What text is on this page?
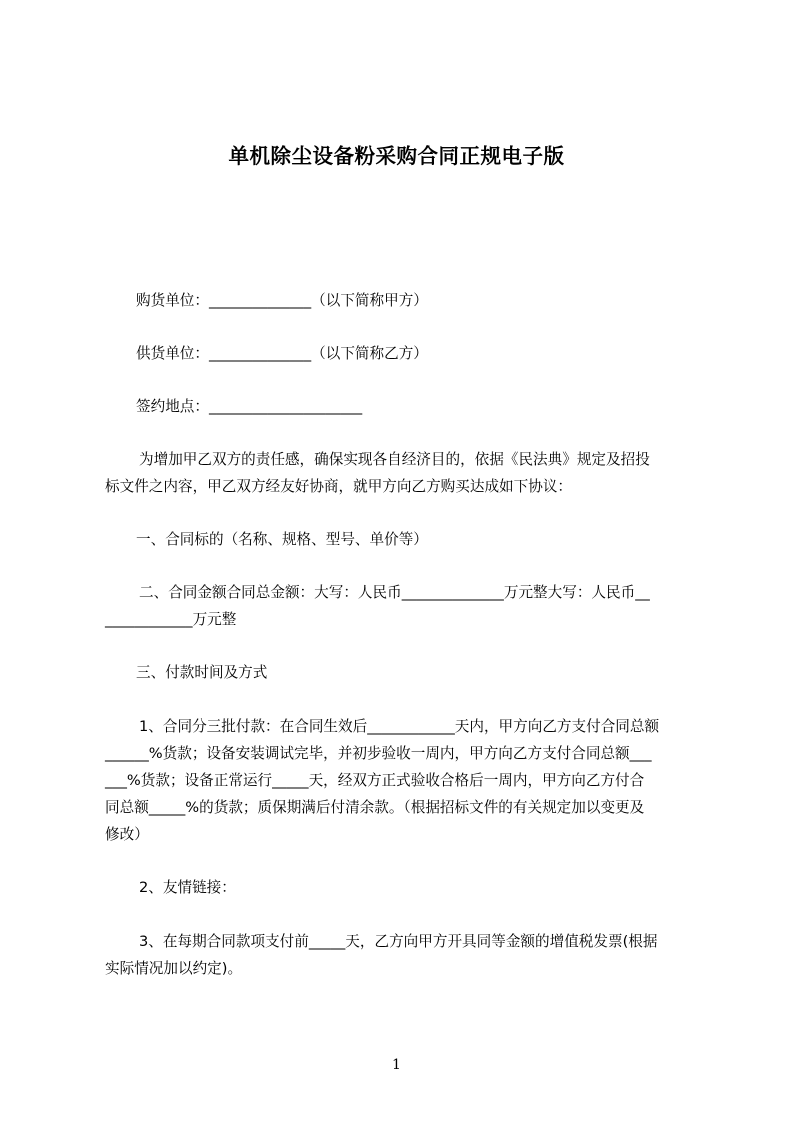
单机除尘设备粉采购合同正规电子版
购货单位：______________（以下简称甲方）
供货单位：______________（以下简称乙方）
签约地点：_____________________
为增加甲乙双方的责任感，确保实现各自经济目的，依据《民法典》规定及招投
标文件之内容，甲乙双方经友好协商，就甲方向乙方购买达成如下协议：
一、合同标的（名称、规格、型号、单价等）
二、合同金额合同总金额：大写：人民币______________万元整大写：人民币__
____________万元整
三、付款时间及方式
1、合同分三批付款：在合同生效后____________天内，甲方向乙方支付合同总额
______%货款；设备安装调试完毕，并初步验收一周内，甲方向乙方支付合同总额___
___%货款；设备正常运行_____天，经双方正式验收合格后一周内，甲方向乙方付合
同总额_____%的货款；质保期满后付清余款。（根据招标文件的有关规定加以变更及
修改）
2、友情链接：
3、在每期合同款项支付前_____天，乙方向甲方开具同等金额的增值税发票(根据
实际情况加以约定)。
1
